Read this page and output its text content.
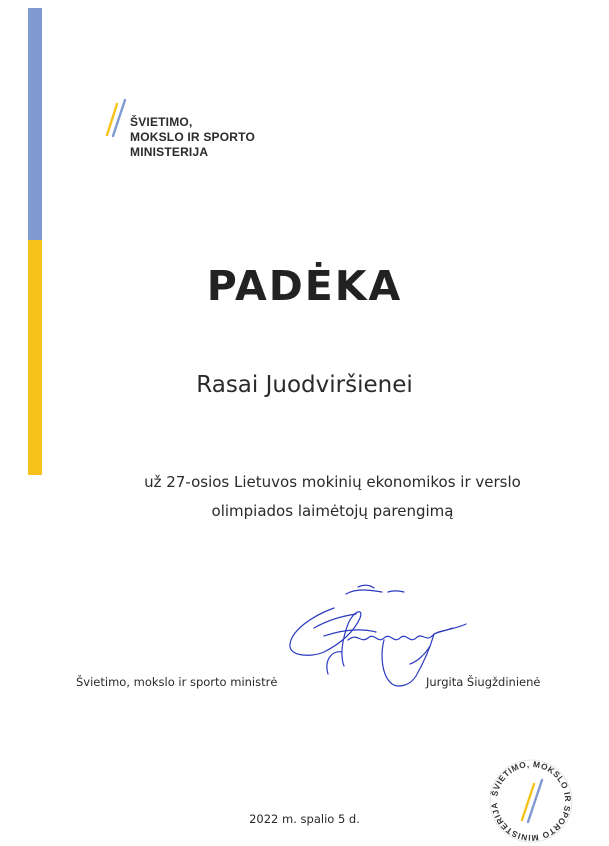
ŠVIETIMO,
MOKSLO IR SPORTO
MINISTERIJA
PADĖKA
Rasai Juodviršienei
už 27-osios Lietuvos mokinių ekonomikos ir verslo
olimpiados laimėtojų parengimą
Švietimo, mokslo ir sporto ministrė	Jurgita Šiugždinienė
2022 m. spalio 5 d.
ŠVIETIMO, MOKSLO IR SPORTO MINISTERIJA
